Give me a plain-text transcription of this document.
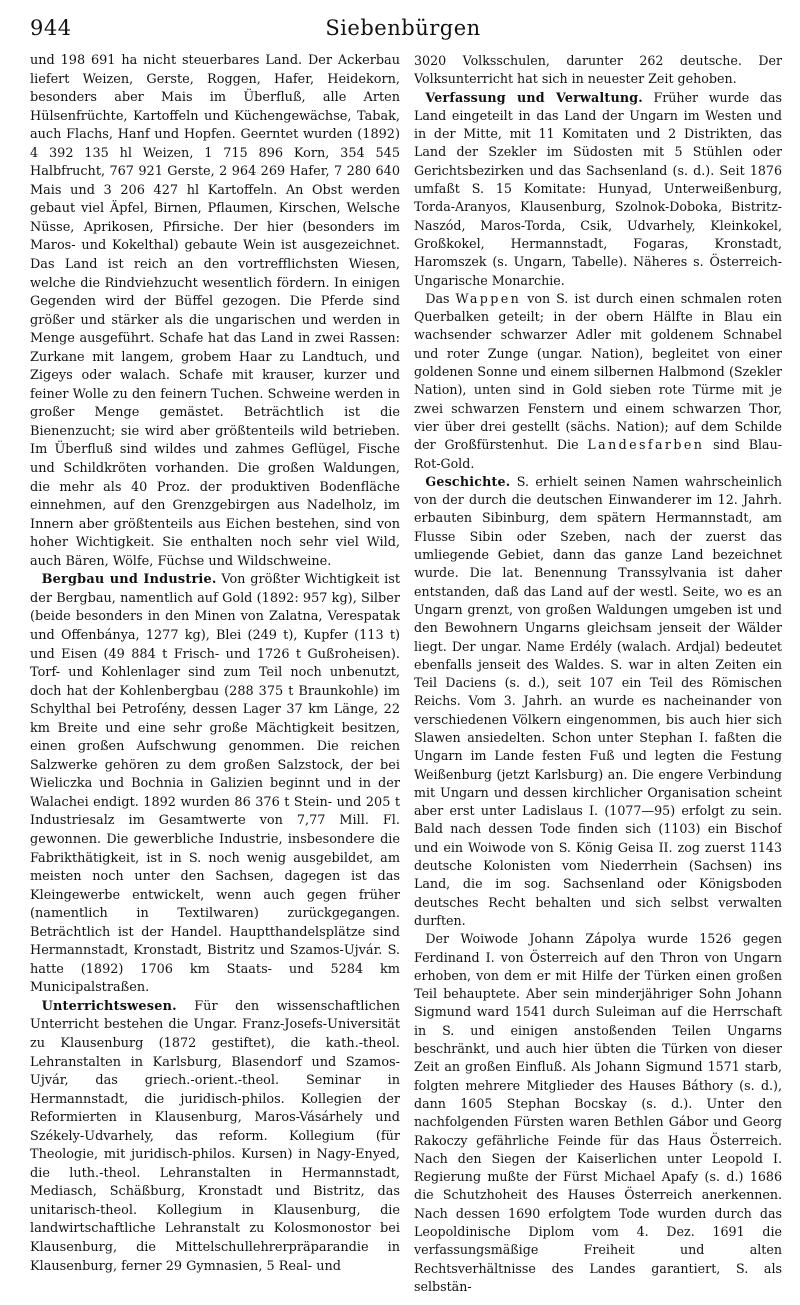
944	Siebenbürgen

und 198 691 ha nicht steuerbares Land. Der Ackerbau liefert Weizen, Gerste, Roggen, Hafer, Heidekorn, besonders aber Mais im Überfluß, alle Arten Hülsenfrüchte, Kartoffeln und Küchengewächse, Tabak, auch Flachs, Hanf und Hopfen. Geerntet wurden (1892) 4 392 135 hl Weizen, 1 715 896 Korn, 354 545 Halbfrucht, 767 921 Gerste, 2 964 269 Hafer, 7 280 640 Mais und 3 206 427 hl Kartoffeln. An Obst werden gebaut viel Äpfel, Birnen, Pflaumen, Kirschen, Welsche Nüsse, Aprikosen, Pfirsiche. Der hier (besonders im Maros- und Kokelthal) gebaute Wein ist ausgezeichnet. Das Land ist reich an den vortrefflichsten Wiesen, welche die Rindviehzucht wesentlich fördern. In einigen Gegenden wird der Büffel gezogen. Die Pferde sind größer und stärker als die ungarischen und werden in Menge ausgeführt. Schafe hat das Land in zwei Rassen: Zurkane mit langem, grobem Haar zu Landtuch, und Zigeys oder walach. Schafe mit krauser, kurzer und feiner Wolle zu den feinern Tuchen. Schweine werden in großer Menge gemästet. Beträchtlich ist die Bienenzucht; sie wird aber größtenteils wild betrieben. Im Überfluß sind wildes und zahmes Geflügel, Fische und Schildkröten vorhanden. Die großen Waldungen, die mehr als 40 Proz. der produktiven Bodenfläche einnehmen, auf den Grenzgebirgen aus Nadelholz, im Innern aber größtenteils aus Eichen bestehen, sind von hoher Wichtigkeit. Sie enthalten noch sehr viel Wild, auch Bären, Wölfe, Füchse und Wildschweine.

Bergbau und Industrie. Von größter Wichtigkeit ist der Bergbau, namentlich auf Gold (1892: 957 kg), Silber (beide besonders in den Minen von Zalatna, Verespatak und Offenbánya, 1277 kg), Blei (249 t), Kupfer (113 t) und Eisen (49 884 t Frisch- und 1726 t Gußroheisen). Torf- und Kohlenlager sind zum Teil noch unbenutzt, doch hat der Kohlenbergbau (288 375 t Braunkohle) im Schylthal bei Petroſény, dessen Lager 37 km Länge, 22 km Breite und eine sehr große Mächtigkeit besitzen, einen großen Aufschwung genommen. Die reichen Salzwerke gehören zu dem großen Salzstock, der bei Wieliczka und Bochnia in Galizien beginnt und in der Walachei endigt. 1892 wurden 86 376 t Stein- und 205 t Industriesalz im Gesamtwerte von 7,77 Mill. Fl. gewonnen. Die gewerbliche Industrie, insbesondere die Fabrikthätigkeit, ist in S. noch wenig ausgebildet, am meisten noch unter den Sachsen, dagegen ist das Kleingewerbe entwickelt, wenn auch gegen früher (namentlich in Textilwaren) zurückgegangen. Beträchtlich ist der Handel. Hauptthandelsplätze sind Hermannstadt, Kronstadt, Bistritz und Szamos-Ujvár. S. hatte (1892) 1706 km Staats- und 5284 km Municipalstraßen.

Unterrichtswesen. Für den wissenschaftlichen Unterricht bestehen die Ungar. Franz-Josefs-Universität zu Klausenburg (1872 gestiftet), die kath.-theol. Lehranstalten in Karlsburg, Blasendorf und Szamos-Ujvár, das griech.-orient.-theol. Seminar in Hermannstadt, die juridisch-philos. Kollegien der Reformierten in Klausenburg, Maros-Vásárhely und Székely-Udvarhely, das reform. Kollegium (für Theologie, mit juridisch-philos. Kursen) in Nagy-Enyed, die luth.-theol. Lehranstalten in Hermannstadt, Mediasch, Schäßburg, Kronstadt und Bistritz, das unitarisch-theol. Kollegium in Klausenburg, die landwirtschaftliche Lehranstalt zu Kolosmonostor bei Klausenburg, die Mittelschullehrerpräparandie in Klausenburg, ferner 29 Gymnasien, 5 Real- und

3020 Volksschulen, darunter 262 deutsche. Der Volksunterricht hat sich in neuester Zeit gehoben.

Verfassung und Verwaltung. Früher wurde das Land eingeteilt in das Land der Ungarn im Westen und in der Mitte, mit 11 Komitaten und 2 Distrikten, das Land der Szekler im Südosten mit 5 Stühlen oder Gerichtsbezirken und das Sachsenland (s. d.). Seit 1876 umfaßt S. 15 Komitate: Hunyad, Unterweißenburg, Torda-Aranyos, Klausenburg, Szolnok-Doboka, Bistritz-Naszód, Maros-Torda, Csik, Udvarhely, Kleinkokel, Großkokel, Hermannstadt, Fogaras, Kronstadt, Haromszek (s. Ungarn, Tabelle). Näheres s. Österreich-Ungarische Monarchie.

Das Wappen von S. ist durch einen schmalen roten Querbalken geteilt; in der obern Hälfte in Blau ein wachsender schwarzer Adler mit goldenem Schnabel und roter Zunge (ungar. Nation), begleitet von einer goldenen Sonne und einem silbernen Halbmond (Szekler Nation), unten sind in Gold sieben rote Türme mit je zwei schwarzen Fenstern und einem schwarzen Thor, vier über drei gestellt (sächs. Nation); auf dem Schilde der Großfürstenhut. Die Landesfarben sind Blau-Rot-Gold.

Geschichte. S. erhielt seinen Namen wahrscheinlich von der durch die deutschen Einwanderer im 12. Jahrh. erbauten Sibinburg, dem spätern Hermannstadt, am Flusse Sibin oder Szeben, nach der zuerst das umliegende Gebiet, dann das ganze Land bezeichnet wurde. Die lat. Benennung Transsylvania ist daher entstanden, daß das Land auf der westl. Seite, wo es an Ungarn grenzt, von großen Waldungen umgeben ist und den Bewohnern Ungarns gleichsam jenseit der Wälder liegt. Der ungar. Name Erdély (walach. Ardjal) bedeutet ebenfalls jenseit des Waldes. S. war in alten Zeiten ein Teil Daciens (s. d.), seit 107 ein Teil des Römischen Reichs. Vom 3. Jahrh. an wurde es nacheinander von verschiedenen Völkern eingenommen, bis auch hier sich Slawen ansiedelten. Schon unter Stephan I. faßten die Ungarn im Lande festen Fuß und legten die Festung Weißenburg (jetzt Karlsburg) an. Die engere Verbindung mit Ungarn und dessen kirchlicher Organisation scheint aber erst unter Ladislaus I. (1077—95) erfolgt zu sein. Bald nach dessen Tode finden sich (1103) ein Bischof und ein Woiwode von S. König Geisa II. zog zuerst 1143 deutsche Kolonisten vom Niederrhein (Sachsen) ins Land, die im sog. Sachsenland oder Königsboden deutsches Recht behalten und sich selbst verwalten durften.

Der Woiwode Johann Zápolya wurde 1526 gegen Ferdinand I. von Österreich auf den Thron von Ungarn erhoben, von dem er mit Hilfe der Türken einen großen Teil behauptete. Aber sein minderjähriger Sohn Johann Sigmund ward 1541 durch Suleiman auf die Herrschaft in S. und einigen anstoßenden Teilen Ungarns beschränkt, und auch hier übten die Türken von dieser Zeit an großen Einfluß. Als Johann Sigmund 1571 starb, folgten mehrere Mitglieder des Hauses Báthory (s. d.), dann 1605 Stephan Bocskay (s. d.). Unter den nachfolgenden Fürsten waren Bethlen Gábor und Georg Rakoczy gefährliche Feinde für das Haus Österreich. Nach den Siegen der Kaiserlichen unter Leopold I. Regierung mußte der Fürst Michael Apafy (s. d.) 1686 die Schutzhoheit des Hauses Österreich anerkennen. Nach dessen 1690 erfolgtem Tode wurden durch das Leopoldinische Diplom vom 4. Dez. 1691 die verfassungsmäßige Freiheit und alten Rechtsverhältnisse des Landes garantiert, S. als selbstän-
